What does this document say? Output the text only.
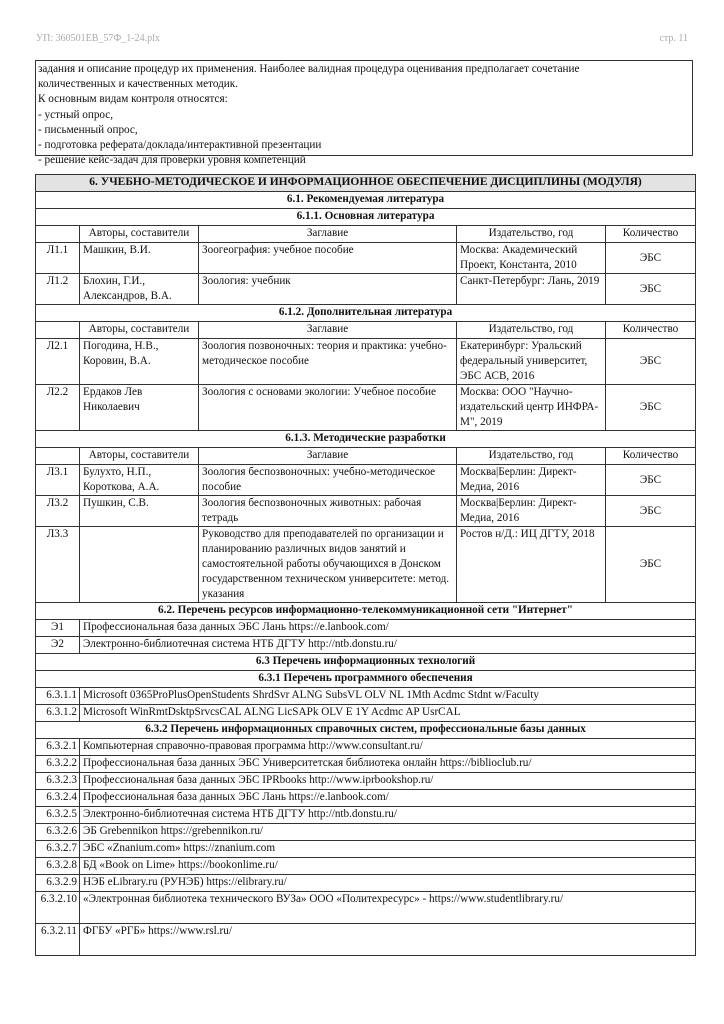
УП: 360501ЕВ_57Ф_1-24.plx	стр. 11
задания и описание процедур их применения. Наиболее валидная процедура оценивания предполагает сочетание
количественных и качественных методик.
К основным видам контроля относятся:
- устный опрос,
- письменный опрос,
- подготовка реферата/доклада/интерактивной презентации
- решение кейс-задач для проверки уровня компетенций
6. УЧЕБНО-МЕТОДИЧЕСКОЕ И ИНФОРМАЦИОННОЕ ОБЕСПЕЧЕНИЕ ДИСЦИПЛИНЫ (МОДУЛЯ)				
6.1. Рекомендуемая литература				
6.1.1. Основная литература				
	Авторы, составители	Заглавие	Издательство, год	Количество
Л1.1	Машкин, В.И.	Зоогеография: учебное пособие	Москва: Академический Проект, Константа, 2010	ЭБС
Л1.2	Блохин, Г.И., Александров, В.А.	Зоология: учебник	Санкт-Петербург: Лань, 2019	ЭБС
6.1.2. Дополнительная литература				
	Авторы, составители	Заглавие	Издательство, год	Количество
Л2.1	Погодина, Н.В., Коровин, В.А.	Зоология позвоночных: теория и практика: учебно-методическое пособие	Екатеринбург: Уральский федеральный университет, ЭБС АСВ, 2016	ЭБС
Л2.2	Ердаков Лев Николаевич	Зоология с основами экологии: Учебное пособие	Москва: ООО "Научно-издательский центр ИНФРА-М", 2019	ЭБС
6.1.3. Методические разработки				
	Авторы, составители	Заглавие	Издательство, год	Количество
Л3.1	Булухто, Н.П., Короткова, А.А.	Зоология беспозвоночных: учебно-методическое пособие	Москва|Берлин: Директ-Медиа, 2016	ЭБС
Л3.2	Пушкин, С.В.	Зоология беспозвоночных животных: рабочая тетрадь	Москва|Берлин: Директ-Медиа, 2016	ЭБС
Л3.3		Руководство для преподавателей по организации и планированию различных видов занятий и самостоятельной работы обучающихся в Донском государственном техническом университете: метод. указания	Ростов н/Д.: ИЦ ДГТУ, 2018	ЭБС
6.2. Перечень ресурсов информационно-телекоммуникационной сети "Интернет"				
Э1	Профессиональная база данных ЭБС Лань https://e.lanbook.com/			
Э2	Электронно-библиотечная система НТБ ДГТУ http://ntb.donstu.ru/			
6.3 Перечень информационных технологий				
6.3.1 Перечень программного обеспечения				
6.3.1.1	Microsoft 0365ProPlusOpenStudents ShrdSvr ALNG SubsVL OLV NL 1Mth Acdmc Stdnt w/Faculty			
6.3.1.2	Microsoft WinRmtDsktpSrvcsCAL ALNG LicSAPk OLV E 1Y Acdmc AP UsrCAL			
6.3.2 Перечень информационных справочных систем, профессиональные базы данных				
6.3.2.1	Компьютерная справочно-правовая программа http://www.consultant.ru/			
6.3.2.2	Профессиональная база данных ЭБС Университетская библиотека онлайн https://biblioclub.ru/			
6.3.2.3	Профессиональная база данных ЭБС IPRbooks http://www.iprbookshop.ru/			
6.3.2.4	Профессиональная база данных ЭБС Лань https://e.lanbook.com/			
6.3.2.5	Электронно-библиотечная система НТБ ДГТУ http://ntb.donstu.ru/			
6.3.2.6	ЭБ Grebennikon https://grebennikon.ru/			
6.3.2.7	ЭБС «Znanium.com» https://znanium.com			
6.3.2.8	БД «Book on Lime» https://bookonlime.ru/			
6.3.2.9	НЭБ eLibrary.ru (РУНЭБ) https://elibrary.ru/			
6.3.2.10	«Электронная библиотека технического ВУЗа» ООО «Политехресурс» - https://www.studentlibrary.ru/			
6.3.2.11	ФГБУ «РГБ» https://www.rsl.ru/			
